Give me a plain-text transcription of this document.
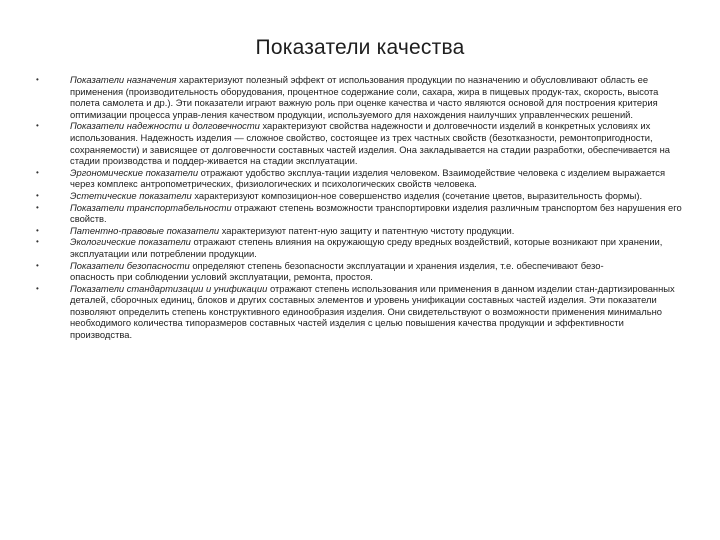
Показатели качества
•	Показатели назначения характеризуют полезный эффект от использования продукции по назначению и обусловливают область ее применения (производительность оборудования, процентное содержание соли, сахара, жира в пищевых продук-тах, скорость, высота полета самолета и др.). Эти показатели играют важную роль при оценке качества и часто являются основой для построения критерия оптимизации процесса управ-ления качеством продукции, используемого для нахождения наилучших управленческих решений.
•	Показатели надежности и долговечности характеризуют свойства надежности и долговечности изделий в конкретных условиях их использования. Надежность изделия — сложное свойство, состоящее из трех частных свойств (безотказности, ремонтопригодности, сохраняемости) и зависящее от долговечности составных частей изделия. Она закладывается на стадии разработки, обеспечивается на стадии производства и поддер-живается на стадии эксплуатации.
•	Эргономические показатели отражают удобство эксплуа-тации изделия человеком. Взаимодействие человека с изделием выражается через комплекс антропометрических, физиологических и психологических свойств человека.
•	Эстетические показатели характеризуют композицион-ное совершенство изделия (сочетание цветов, выразительность формы).
•	Показатели транспортабельности отражают степень возможности транспортировки изделия различным транспортом без нарушения его свойств.
•	Патентно-правовые показатели характеризуют патент-ную защиту и патентную чистоту продукции.
•	Экологические показатели отражают степень влияния на окружающую среду вредных воздействий, которые возникают при хранении, эксплуатации или потреблении продукции.
•	Показатели безопасности определяют степень безопасности эксплуатации и хранения изделия, т.е. обеспечивают безо-
опасность при соблюдении условий эксплуатации, ремонта, простоя.
•	Показатели стандартизации и унификации отражают степень использования или применения в данном изделии стан-дартизированных деталей, сборочных единиц, блоков и других составных элементов и уровень унификации составных частей изделия. Эти показатели позволяют определить степень конструктивного единообразия изделия. Они свидетельствуют о возможности применения минимально необходимого количества типоразмеров составных частей изделия с целью повышения качества продукции и эффективности производства.
